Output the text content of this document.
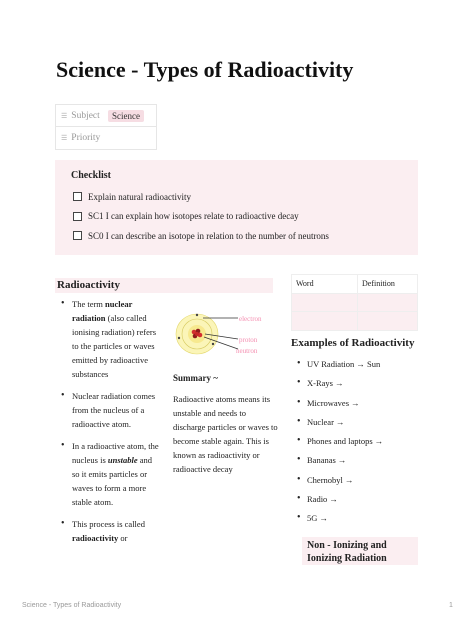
Science - Types of Radioactivity
☰ Subject	Science
☰ Priority
Checklist
Explain natural radioactivity
SC1 I can explain how isotopes relate to radioactive decay
SC0 I can describe an isotope in relation to the number of neutrons
Radioactivity
• The term nuclear radiation (also called ionising radiation) refers to the particles or waves emitted by radioactive substances
• Nuclear radiation comes from the nucleus of a radioactive atom.
• In a radioactive atom, the nucleus is unstable and so it emits particles or waves to form a more stable atom.
• This process is called radioactivity or
electron
proton
neutron
Summary ~
Radioactive atoms means its unstable and needs to discharge particles or waves to become stable again. This is known as radioactivity or radioactive decay
Word	Definition

Examples of Radioactivity
• UV Radiation → Sun
• X-Rays →
• Microwaves →
• Nuclear →
• Phones and laptops →
• Bananas →
• Chernobyl →
• Radio →
• 5G →
Non - Ionizing and Ionizing Radiation
Science - Types of Radioactivity	1
